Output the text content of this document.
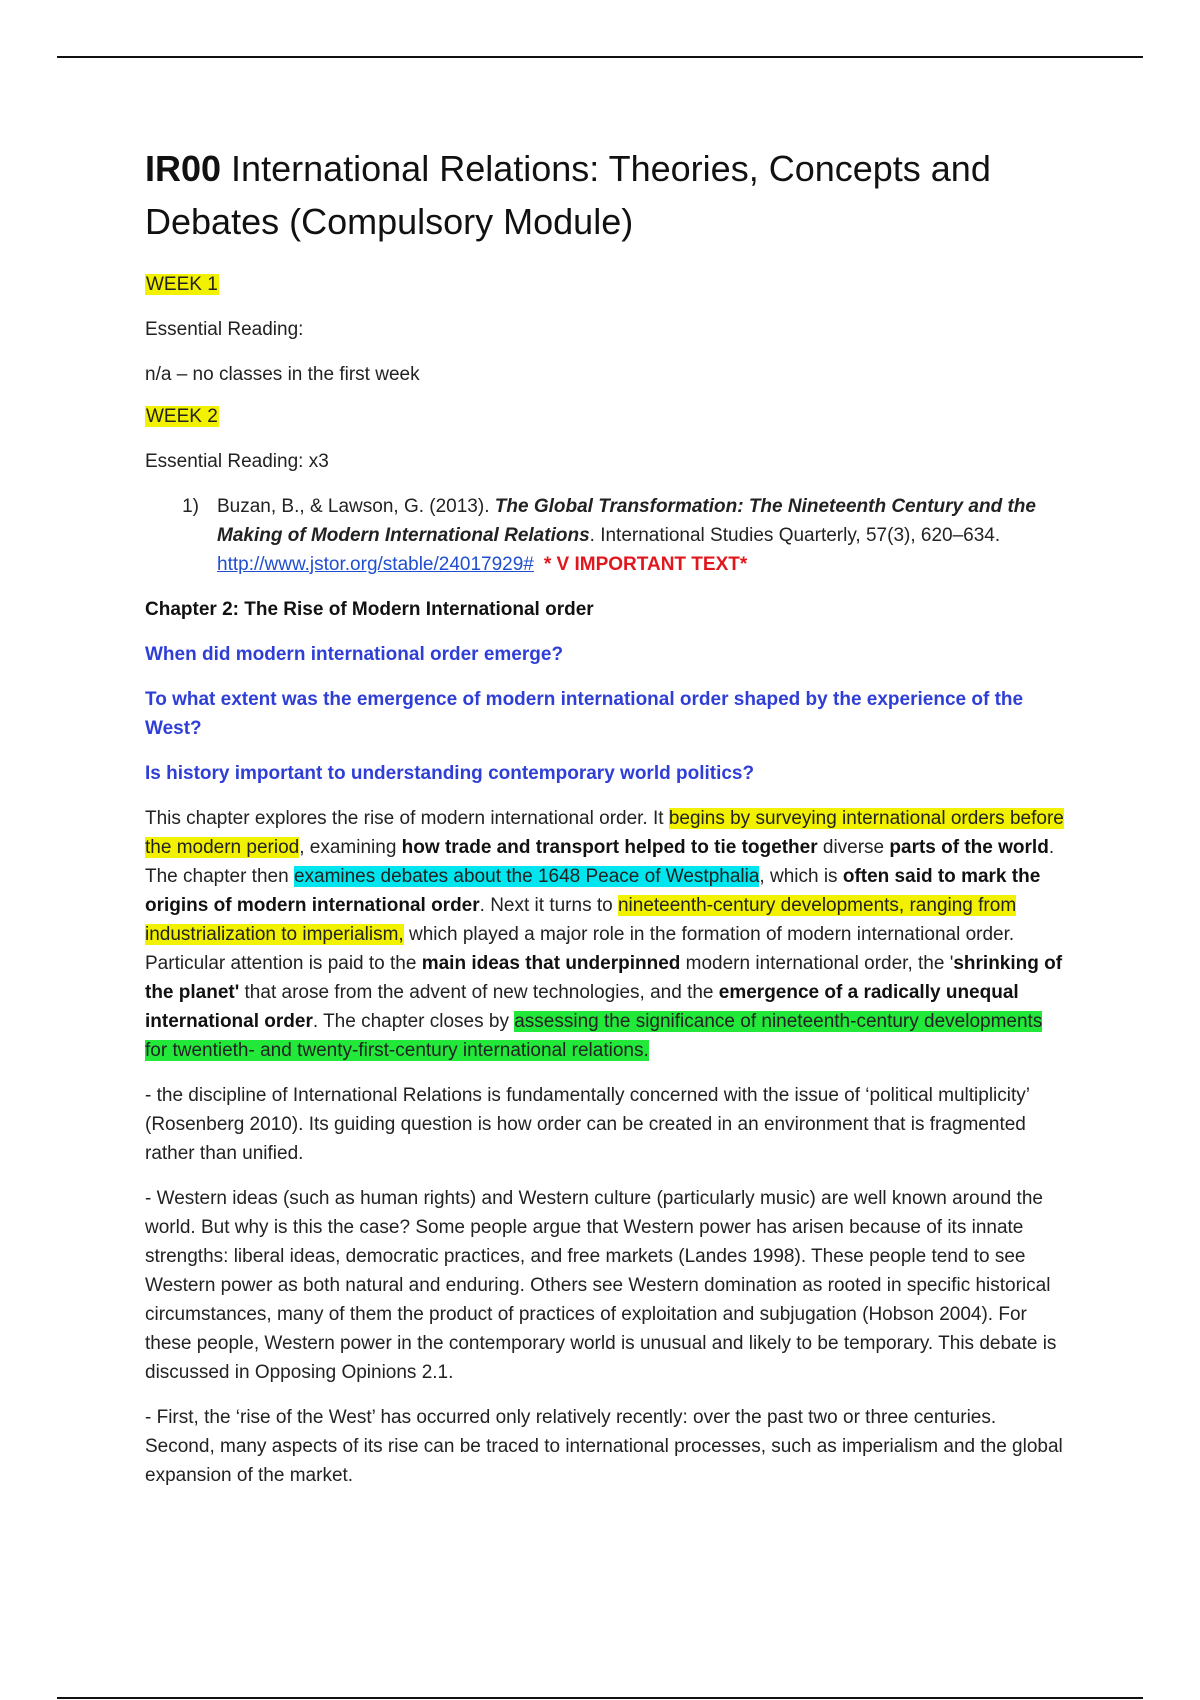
IR00 International Relations: Theories, Concepts and Debates (Compulsory Module)

WEEK 1

Essential Reading:

n/a – no classes in the first week

WEEK 2

Essential Reading: x3

1) Buzan, B., & Lawson, G. (2013). The Global Transformation: The Nineteenth Century and the Making of Modern International Relations. International Studies Quarterly, 57(3), 620–634. http://www.jstor.org/stable/24017929# * V IMPORTANT TEXT*

Chapter 2: The Rise of Modern International order

When did modern international order emerge?

To what extent was the emergence of modern international order shaped by the experience of the West?

Is history important to understanding contemporary world politics?

This chapter explores the rise of modern international order. It begins by surveying international orders before the modern period, examining how trade and transport helped to tie together diverse parts of the world. The chapter then examines debates about the 1648 Peace of Westphalia, which is often said to mark the origins of modern international order. Next it turns to nineteenth-century developments, ranging from industrialization to imperialism, which played a major role in the formation of modern international order. Particular attention is paid to the main ideas that underpinned modern international order, the 'shrinking of the planet' that arose from the advent of new technologies, and the emergence of a radically unequal international order. The chapter closes by assessing the significance of nineteenth-century developments for twentieth- and twenty-first-century international relations.

- the discipline of International Relations is fundamentally concerned with the issue of ‘political multiplicity’ (Rosenberg 2010). Its guiding question is how order can be created in an environment that is fragmented rather than unified.

- Western ideas (such as human rights) and Western culture (particularly music) are well known around the world. But why is this the case? Some people argue that Western power has arisen because of its innate strengths: liberal ideas, democratic practices, and free markets (Landes 1998). These people tend to see Western power as both natural and enduring. Others see Western domination as rooted in specific historical circumstances, many of them the product of practices of exploitation and subjugation (Hobson 2004). For these people, Western power in the contemporary world is unusual and likely to be temporary. This debate is discussed in Opposing Opinions 2.1.

- First, the ‘rise of the West’ has occurred only relatively recently: over the past two or three centuries. Second, many aspects of its rise can be traced to international processes, such as imperialism and the global expansion of the market.
